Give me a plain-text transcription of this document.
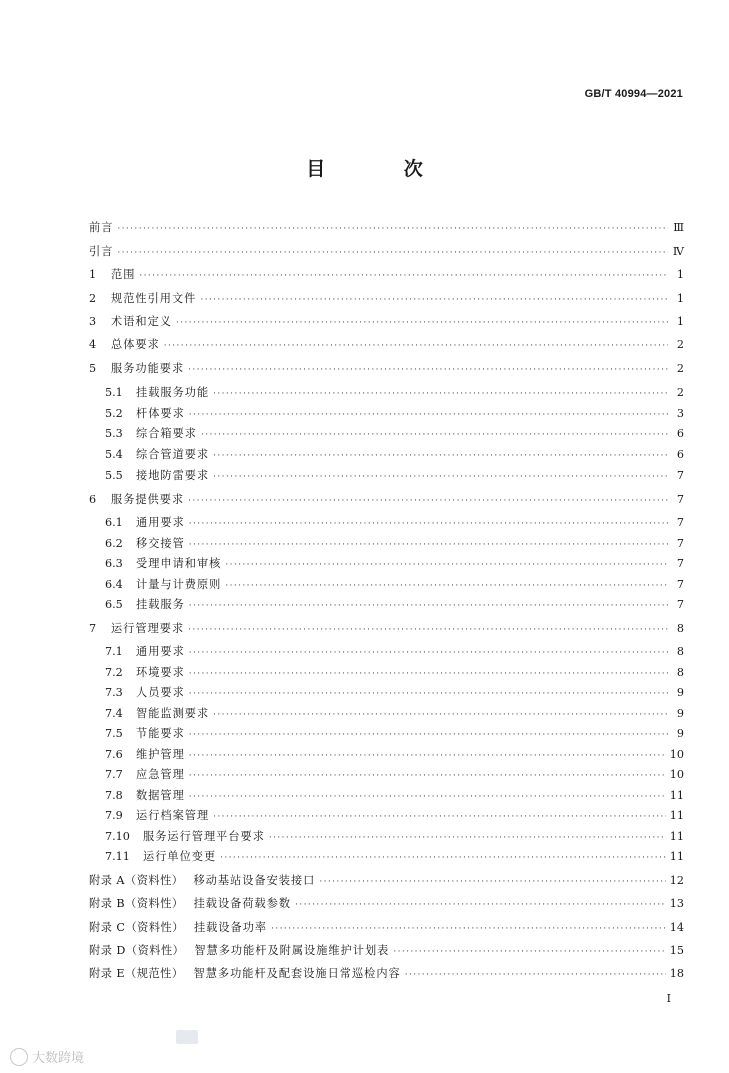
GB/T 40994—2021
目 次
前言 ·····	Ⅲ
引言 ·····	Ⅳ
1	范围 ·····	1
2	规范性引用文件 ·····	1
3	术语和定义 ·····	1
4	总体要求 ·····	2
5	服务功能要求 ·····	2
5.1	挂载服务功能 ·····	2
5.2	杆体要求 ·····	3
5.3	综合箱要求 ·····	6
5.4	综合管道要求 ·····	6
5.5	接地防雷要求 ·····	7
6	服务提供要求 ·····	7
6.1	通用要求 ·····	7
6.2	移交接管 ·····	7
6.3	受理申请和审核 ·····	7
6.4	计量与计费原则 ·····	7
6.5	挂载服务 ·····	7
7	运行管理要求 ·····	8
7.1	通用要求 ·····	8
7.2	环境要求 ·····	8
7.3	人员要求 ·····	9
7.4	智能监测要求 ·····	9
7.5	节能要求 ·····	9
7.6	维护管理 ·····	10
7.7	应急管理 ·····	10
7.8	数据管理 ·····	11
7.9	运行档案管理 ·····	11
7.10	服务运行管理平台要求 ·····	11
7.11	运行单位变更 ·····	11
附录 A（资料性） 移动基站设备安装接口 ·····	12
附录 B（资料性） 挂载设备荷载参数 ·····	13
附录 C（资料性） 挂载设备功率 ·····	14
附录 D（资料性） 智慧多功能杆及附属设施维护计划表 ·····	15
附录 E（规范性） 智慧多功能杆及配套设施日常巡检内容 ·····	18
Ⅰ
大数跨境
